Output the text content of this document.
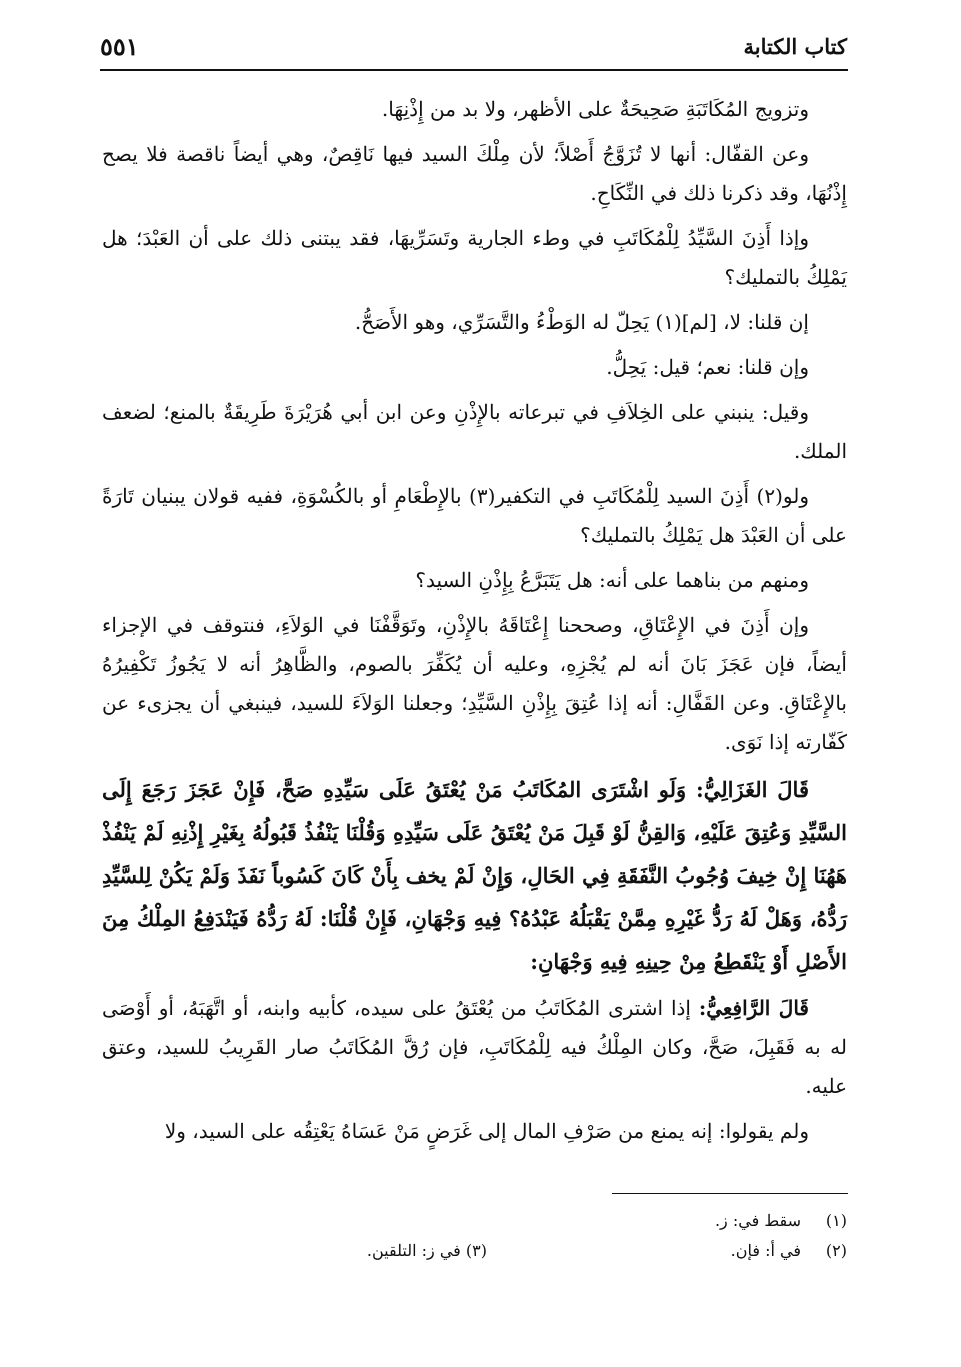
كتاب الكتابة
٥٥١

وتزويج المُكَاتَبَةِ صَحِيحَةٌ على الأظهر، ولا بد من إِذْنِهَا.

وعن القفّال: أنها لا تُزَوَّجُ أَصْلاً؛ لأن مِلْكَ السيد فيها نَاقِصٌ، وهي أيضاً ناقصة فلا يصح إِذْنُهَا، وقد ذكرنا ذلك في النِّكَاحِ.

وإذا أَذِنَ السَّيِّدُ لِلْمُكَاتَبِ في وطء الجارية وتَسَرِّيهَا، فقد يبتنى ذلك على أن العَبْدَ؛ هل يَمْلِكُ بالتمليك؟

إن قلنا: لا، [لم](١) يَحِلّ له الوَطْءُ والتَّسَرِّي، وهو الأَصَحُّ.

وإن قلنا: نعم؛ قيل: يَحِلُّ.

وقيل: ينبني على الخِلاَفِ في تبرعاته بالإِذْنِ وعن ابن أبي هُرَيْرَةَ طَرِيقَةٌ بالمنع؛ لضعف الملك.

ولو(٢) أَذِنَ السيد لِلْمُكَاتَبِ في التكفير(٣) بالإِطْعَامِ أو بالكُسْوَةِ، ففيه قولان يبنيان تَارَةً على أن العَبْدَ هل يَمْلِكُ بالتمليك؟

ومنهم من بناهما على أنه: هل يَتَبَرَّعُ بِإِذْنِ السيد؟

وإن أَذِنَ في الإِعْتَاقِ، وصححنا إِعْتَاقَهُ بالإِذْنِ، وتَوَقَّفْنَا في الوَلاَءِ، فنتوقف في الإجزاء أيضاً، فإن عَجَزَ بَانَ أنه لم يُجْزِهِ، وعليه أن يُكَفِّرَ بالصوم، والظَّاهِرُ أنه لا يَجُوزُ تَكْفِيرُهُ بالإِعْتَاقِ. وعن القَفَّالِ: أنه إذا عُتِقَ بِإِذْنِ السَّيِّدِ؛ وجعلنا الوَلاَءَ للسيد، فينبغي أن يجزىء عن كَفّارته إذا نَوَى.

قَالَ الغَزَالِيُّ: وَلَو اشْتَرَى المُكَاتَبُ مَنْ يُعْتَقُ عَلَى سَيِّدِهِ صَحَّ، فَإِنْ عَجَزَ رَجَعَ إِلَى السَّيِّدِ وَعُتِقَ عَلَيْهِ، وَالقِنُّ لَوْ قَبِلَ مَنْ يُعْتَقُ عَلَى سَيِّدِهِ وَقُلْنَا يَنْفُذُ قَبُولُهُ بِغَيْرِ إِذْنِهِ لَمْ يَنْفُذْ هَهُنَا إِنْ خِيفَ وُجُوبُ النَّفَقَةِ فِي الحَالِ، وَإِنْ لَمْ يخف بِأَنْ كَانَ كَسُوباً نَفَذَ وَلَمْ يَكُنْ لِلسَّيِّدِ رَدُّهُ، وَهَلْ لَهُ رَدُّ غَيْرِهِ مِمَّنْ يَقْبَلُهُ عَبْدُهُ؟ فِيهِ وَجْهَانِ، فَإِنْ قُلْنَا: لَهُ رَدُّهُ فَيَنْدَفِعُ المِلْكُ مِنَ الأَصْلِ أَوْ يَنْقَطِعُ مِنْ حِينِهِ فِيهِ وَجْهَانِ:

قَالَ الرَّافِعِيُّ: إذا اشترى المُكَاتَبُ من يُعْتَقُ على سيده، كأبيه وابنه، أو اتَّهَبَهُ، أو أَوْصَى له به فَقَبِلَ، صَحَّ، وكان المِلْكُ فيه لِلْمُكَاتَبِ، فإن رُقَّ المُكَاتَبُ صار القَرِيبُ للسيد، وعتق عليه.

ولم يقولوا: إنه يمنع من صَرْفِ المال إلى غَرَضٍ مَنْ عَسَاهُ يَعْتِقُه على السيد، ولا

(١)سقط في: ز.
(٢)في أ: فإن.
(٣) في ز: التلقين.
